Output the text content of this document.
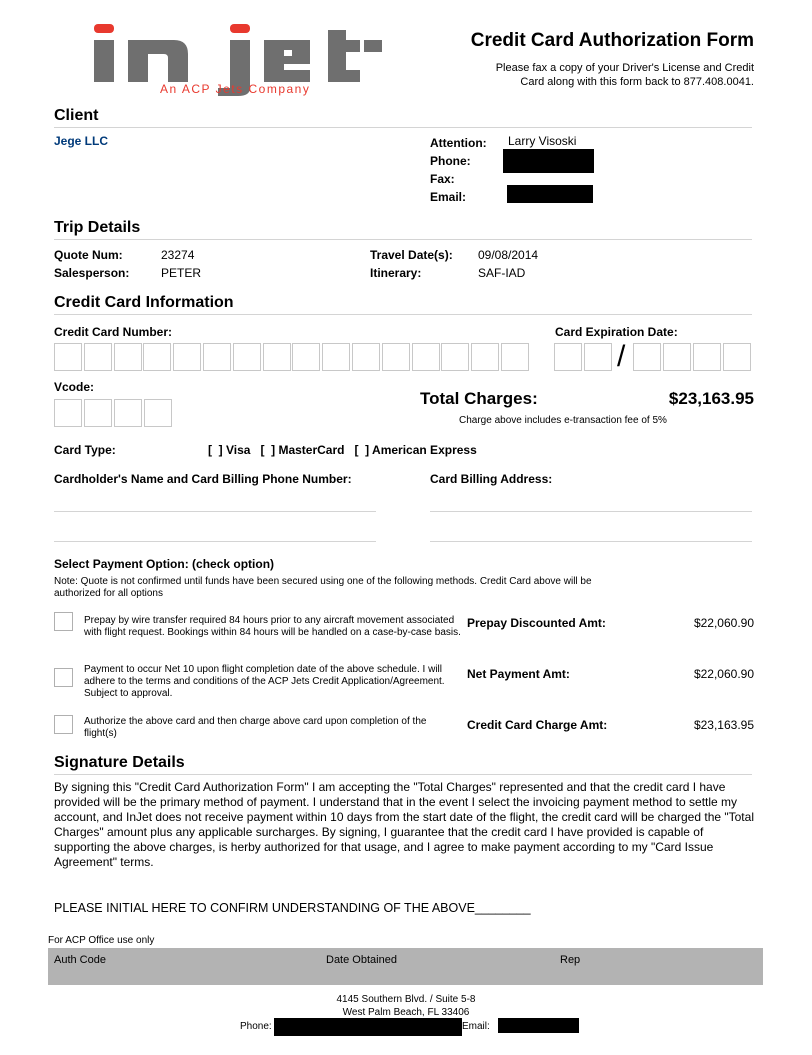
An ACP Jets Company
Credit Card Authorization Form
Please fax a copy of your Driver's License and Credit
Card along with this form back to 877.408.0041.
Client
Jege LLC	Attention: Larry Visoski
Phone:
Fax:
Email:
Trip Details
Quote Num:	23274
Salesperson:	PETER
Travel Date(s): 09/08/2014
Itinerary:	SAF-IAD
Credit Card Information
Credit Card Number:	Card Expiration Date:
/
Vcode:
Total Charges:	$23,163.95
Charge above includes e-transaction fee of 5%
Card Type:	[  ] Visa   [  ] MasterCard   [  ] American Express
Cardholder's Name and Card Billing Phone Number:	Card Billing Address:
Select Payment Option: (check option)
Note: Quote is not confirmed until funds have been secured using one of the following methods. Credit Card above will be authorized for all options
Prepay by wire transfer required 84 hours prior to any aircraft movement associated with flight request. Bookings within 84 hours will be handled on a case-by-case basis.
Prepay Discounted Amt:	$22,060.90
Payment to occur Net 10 upon flight completion date of the above schedule. I will adhere to the terms and conditions of the ACP Jets Credit Application/Agreement. Subject to approval.
Net Payment Amt:	$22,060.90
Authorize the above card and then charge above card upon completion of the flight(s)
Credit Card Charge Amt:	$23,163.95
Signature Details
By signing this "Credit Card Authorization Form" I am accepting the "Total Charges" represented and that the credit card I have provided will be the primary method of payment. I understand that in the event I select the invoicing payment method to settle my account, and InJet does not receive payment within 10 days from the start date of the flight, the credit card will be charged the "Total Charges" amount plus any applicable surcharges. By signing, I guarantee that the credit card I have provided is capable of supporting the above charges, is herby authorized for that usage, and I agree to make payment according to my "Card Issue Agreement" terms.
PLEASE INITIAL HERE TO CONFIRM UNDERSTANDING OF THE ABOVE________
For ACP Office use only
Auth Code	Date Obtained	Rep
4145 Southern Blvd. / Suite 5-8
West Palm Beach, FL 33406
Phone:	Email:
